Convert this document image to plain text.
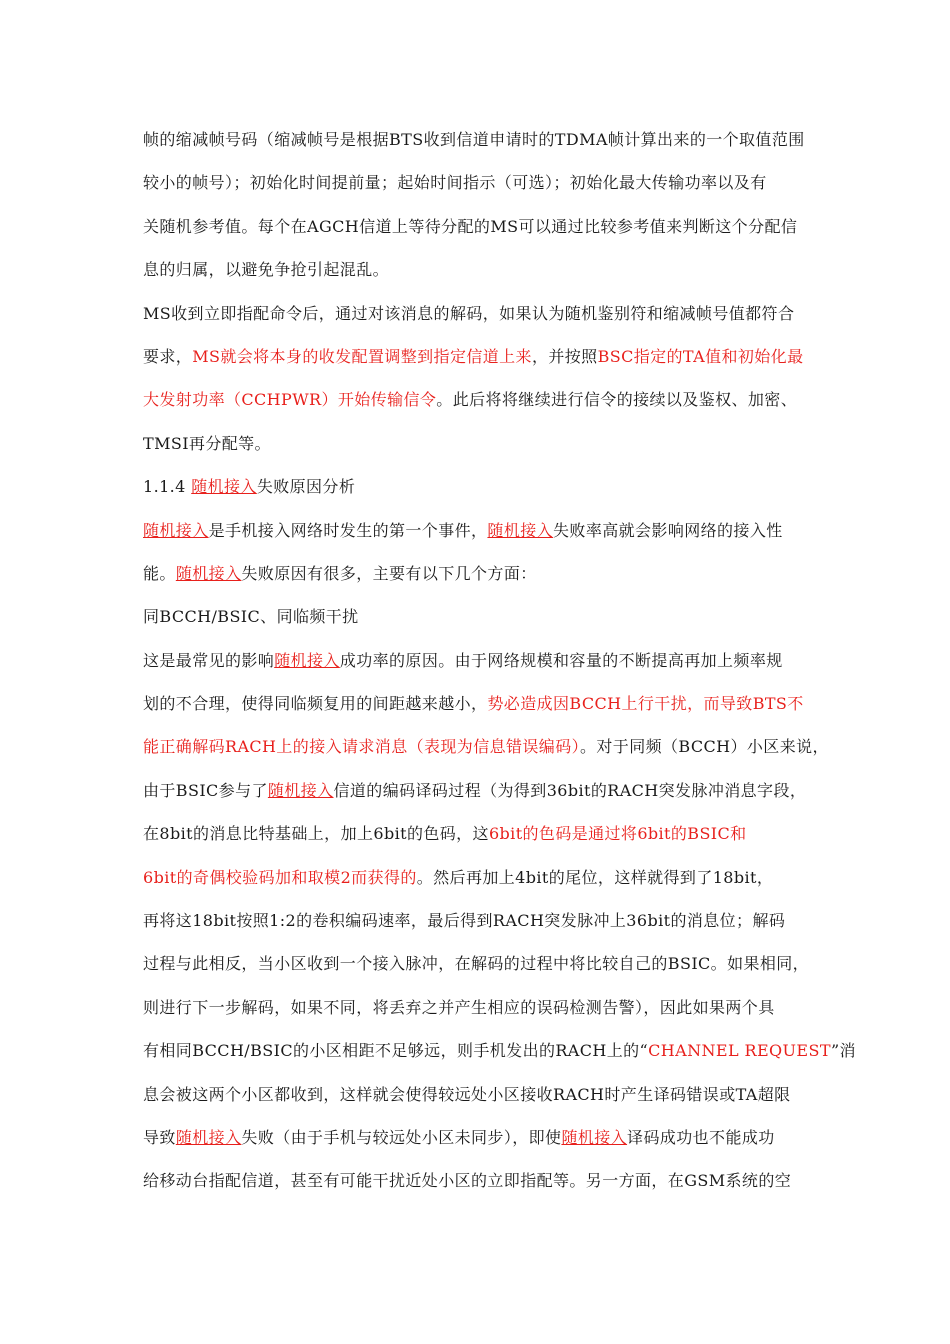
帧的缩减帧号码（缩减帧号是根据BTS收到信道申请时的TDMA帧计算出来的一个取值范围
较小的帧号）；初始化时间提前量；起始时间指示（可选）；初始化最大传输功率以及有
关随机参考值。每个在AGCH信道上等待分配的MS可以通过比较参考值来判断这个分配信
息的归属，以避免争抢引起混乱。
MS收到立即指配命令后，通过对该消息的解码，如果认为随机鉴别符和缩减帧号值都符合
要求，MS就会将本身的收发配置调整到指定信道上来，并按照BSC指定的TA值和初始化最
大发射功率（CCHPWR）开始传输信令。此后将将继续进行信令的接续以及鉴权、加密、
TMSI再分配等。
1.1.4 随机接入失败原因分析
随机接入是手机接入网络时发生的第一个事件，随机接入失败率高就会影响网络的接入性
能。随机接入失败原因有很多，主要有以下几个方面：
同BCCH/BSIC、同临频干扰
这是最常见的影响随机接入成功率的原因。由于网络规模和容量的不断提高再加上频率规
划的不合理，使得同临频复用的间距越来越小，势必造成因BCCH上行干扰，而导致BTS不
能正确解码RACH上的接入请求消息（表现为信息错误编码）。对于同频（BCCH）小区来说，
由于BSIC参与了随机接入信道的编码译码过程（为得到36bit的RACH突发脉冲消息字段，
在8bit的消息比特基础上，加上6bit的色码，这6bit的色码是通过将6bit的BSIC和
6bit的奇偶校验码加和取模2而获得的。然后再加上4bit的尾位，这样就得到了18bit，
再将这18bit按照1:2的卷积编码速率，最后得到RACH突发脉冲上36bit的消息位；解码
过程与此相反，当小区收到一个接入脉冲，在解码的过程中将比较自己的BSIC。如果相同，
则进行下一步解码，如果不同，将丢弃之并产生相应的误码检测告警），因此如果两个具
有相同BCCH/BSIC的小区相距不足够远，则手机发出的RACH上的“CHANNEL REQUEST”消
息会被这两个小区都收到，这样就会使得较远处小区接收RACH时产生译码错误或TA超限
导致随机接入失败（由于手机与较远处小区未同步），即使随机接入译码成功也不能成功
给移动台指配信道，甚至有可能干扰近处小区的立即指配等。另一方面，在GSM系统的空
